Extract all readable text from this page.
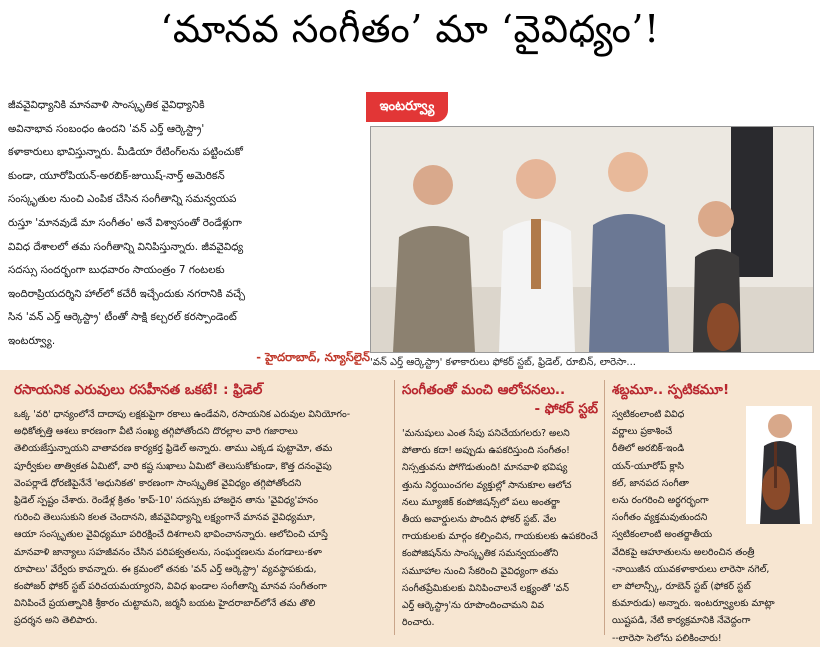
‘మానవ సంగీతం’ మా ‘వైవిధ్యం’!

జీవవైవిధ్యానికి మానవాళి సాంస్కృతిక వైవిధ్యానికి

అవినాభావ సంబంధం ఉందని 'వన్ ఎర్త్ ఆర్కెస్ట్రా'

కళాకారులు భావిస్తున్నారు. మీడియా రేటింగ్‌లను పట్టించుకో

కుండా, యూరోపియన్-అరబిక్-జుయిష్-నార్త్ అమెరికన్

సంస్కృతుల నుంచి ఎంపిక చేసిన సంగీతాన్ని సమన్వయప

రుస్తూ 'మానవుడే మా సంగీతం' అనే విశ్వాసంతో రెండేళ్లుగా

వివిధ దేశాలలో తమ సంగీతాన్ని వినిపిస్తున్నారు. జీవవైవిధ్య

సదస్సు సందర్భంగా బుధవారం సాయంత్రం 7 గంటలకు

ఇందిరాప్రియదర్శిని హాల్‌లో కచేరీ ఇచ్చేందుకు నగరానికి వచ్చే

సిన 'వన్ ఎర్త్ ఆర్కెస్ట్రా' టీంతో సాక్షి కల్చరల్ కరస్పాండెంట్

ఇంటర్వ్యూ.

- హైదరాబాద్, న్యూస్‌లైన్
ఇంటర్వ్యూ
'వన్ ఎర్త్ ఆర్కెస్ట్రా' కళాకారులు ఫోకర్ స్టబ్, ఫ్రిడెల్, రూబిన్, లారెసా...
రసాయనిక ఎరువులు రసహీనత ఒకటే! : ఫ్రిడెల్

ఒక్క 'వరి' ధాన్యంలోనే దాదాపు లక్షకుపైగా రకాలు ఉండేవని, రసాయనిక ఎరువుల వినియోగం-

అధికోత్పత్తి ఆశలు కారణంగా వీటి సంఖ్య తగ్గిపోతోందని దొరల్లాల వారి గజారాలు

తెలియజేస్తున్నాయని వాతావరణ కార్యకర్త ఫ్రిడెల్ అన్నారు. తాము ఎక్కడ పుట్టామో, తమ

పూర్వీకుల తాత్వికత ఏమిటో, వారి కష్ట సుఖాలు ఏమిటో తెలుసుకోకుండా, కొత్త దనంవైపు

వెంపర్లాడే ధోరణిపైనేనే 'అధునికత' కారణంగా సాంస్కృతిక వైవిధ్యం తగ్గిపోతోందని

ఫ్రిడెల్ స్పష్టం చేశారు. రెండేళ్ల క్రితం 'కాప్-10' సదస్సుకు హాజరైన తాను 'వైవిధ్య'హనం

గురించి తెలుసుకుని కలత చెందానని, జీవవైవిధ్యాన్ని లక్ష్యంగానే మానవ వైవిధ్యమూ,

ఆయా సంస్కృతుల వైవిధ్యమూ పరిరక్షించే దిశగాలని భావించానన్నారు. ఆలోచించి చూస్తే

మానవాళి జాన్యాలు సహజీవనం చేసిన పరిపక్వతలను, సంఘర్షణలను వంగడాలు-కళా

రూపాలు' వేర్వేరు కావన్నారు. ఈ క్రమంలో తనకు 'వన్ ఎర్త్ ఆర్కెస్ట్రా' వ్యవస్థాపకుడు,

కంపోజర్ ఫోకర్ స్టబ్ పరిచయమయ్యారని, వివిధ ఖండాల సంగీతాన్ని మానవ సంగీతంగా

వినిపించే ప్రయత్నానికి శ్రీకారం చుట్టామని, జర్మనీ బయట హైదరాబాద్‌లోనే తమ తొలి

ప్రదర్శన అని తెలిపారు.

సంగీతంతో మంచి ఆలోచనలు..
- ఫోకర్ స్టబ్

'మనుషులు ఎంత సేపు పనిచేయగలరు? అలని

పోతారు కదా! అప్పుడు ఉపకరిస్తుంది సంగీతం!

నిస్సత్తువను పోగొడుతుంది! మానవాళి భవిష్య

త్తును నిర్దయించగల వ్యక్తుల్లో సానుకూల ఆలోచ

నలు మ్యూజిక్ కంపోజిషన్స్‌లో పలు అంతర్జా

తీయ అవార్డులను పొందిన ఫోకర్ స్టబ్. వేల

గాయకులకు మార్గం కల్పించిన, గాయకులకు ఉపకరించే

కంపోజిషన్‌ను సాంస్కృతిక సమన్వయంతోని

సమూహాల నుంచి సేకరించి వైవిధ్యంగా తమ

సంగీతప్రేమికులకు వినిపించాలనే లక్ష్యంతో 'వన్

ఎర్త్ ఆర్కెస్ట్రా'ను రూపొందించామని వివ

రించారు.

శబ్దమూ.. స్పటికమూ!

స్వటికంలాంటి వివిధ

వర్ణాలు ప్రకాశించే

రీతిలో అరబిక్-ఇండి

యన్-యూరోప్ క్లాసి

కల్, జానపద సంగీతా

లను రంగరించి అర్థగర్భంగా

సంగీతం వ్యక్తమవుతుందని

స్వటికంలాంటి అంతర్జాతీయ

వేదికపై ఆహూతులను అలరించిన తంత్రీ

-నాయిజీన యువకళాకారులు లారెసా నగెల్,

లా పోలాన్స్కీ, రూబెన్ స్టబ్ (ఫోకర్ స్టబ్

కుమారుడు) అన్నారు. ఇంటర్వ్యూలకు మాట్లా

యిష్టపడి, నేటి కార్యక్రమానికి నేవెద్దంగా

--లారెసా సెలోను పలికించారు!
